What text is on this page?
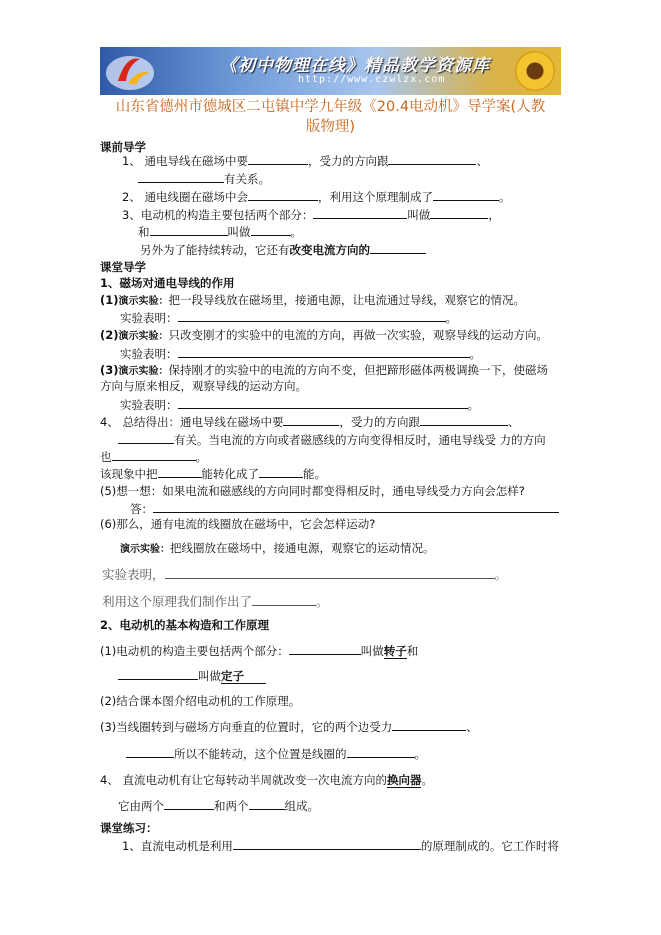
《初中物理在线》精品教学资源库
http://www.czwlzx.com
山东省德州市德城区二屯镇中学九年级《20.4电动机》导学案(人教
版物理)
课前导学
1、 通电导线在磁场中要	，受力的方向跟	、
有关系。
2、 通电线圈在磁场中会	，利用这个原理制成了	。
3、电动机的构造主要包括两个部分：	叫做	，
和	叫做	。
另外为了能持续转动，它还有改变电流方向的
课堂导学
1、磁场对通电导线的作用
(1)演示实验：把一段导线放在磁场里，接通电源，让电流通过导线，观察它的情况。
实验表明：	。
(2)演示实验：只改变刚才的实验中的电流的方向，再做一次实验，观察导线的运动方向。
实验表明：	。
(3)演示实验：保持刚才的实验中的电流的方向不变，但把蹄形磁体两极调换一下，使磁场
方向与原来相反，观察导线的运动方向。
实验表明：	。
4、 总结得出：通电导线在磁场中要	，受力的方向跟	、
有关。当电流的方向或者磁感线的方向变得相反时，通电导线受 力的方向
也	。
该现象中把	能转化成了	能。
(5)想一想：如果电流和磁感线的方向同时都变得相反时，通电导线受力方向会怎样?
答：
(6)那么，通有电流的线圈放在磁场中，它会怎样运动?
演示实验：把线圈放在磁场中，接通电源，观察它的运动情况。
实验表明，	。
利用这个原理我们制作出了	。
2、电动机的基本构造和工作原理
(1)电动机的构造主要包括两个部分：	叫做转子和
叫做定子
(2)结合课本图介绍电动机的工作原理。
(3)当线圈转到与磁场方向垂直的位置时，它的两个边受力	、
所以不能转动，这个位置是线圈的	。
4、 直流电动机有让它每转动半周就改变一次电流方向的换向器。
它由两个	和两个	组成。
课堂练习：
1、直流电动机是利用	的原理制成的。它工作时将
